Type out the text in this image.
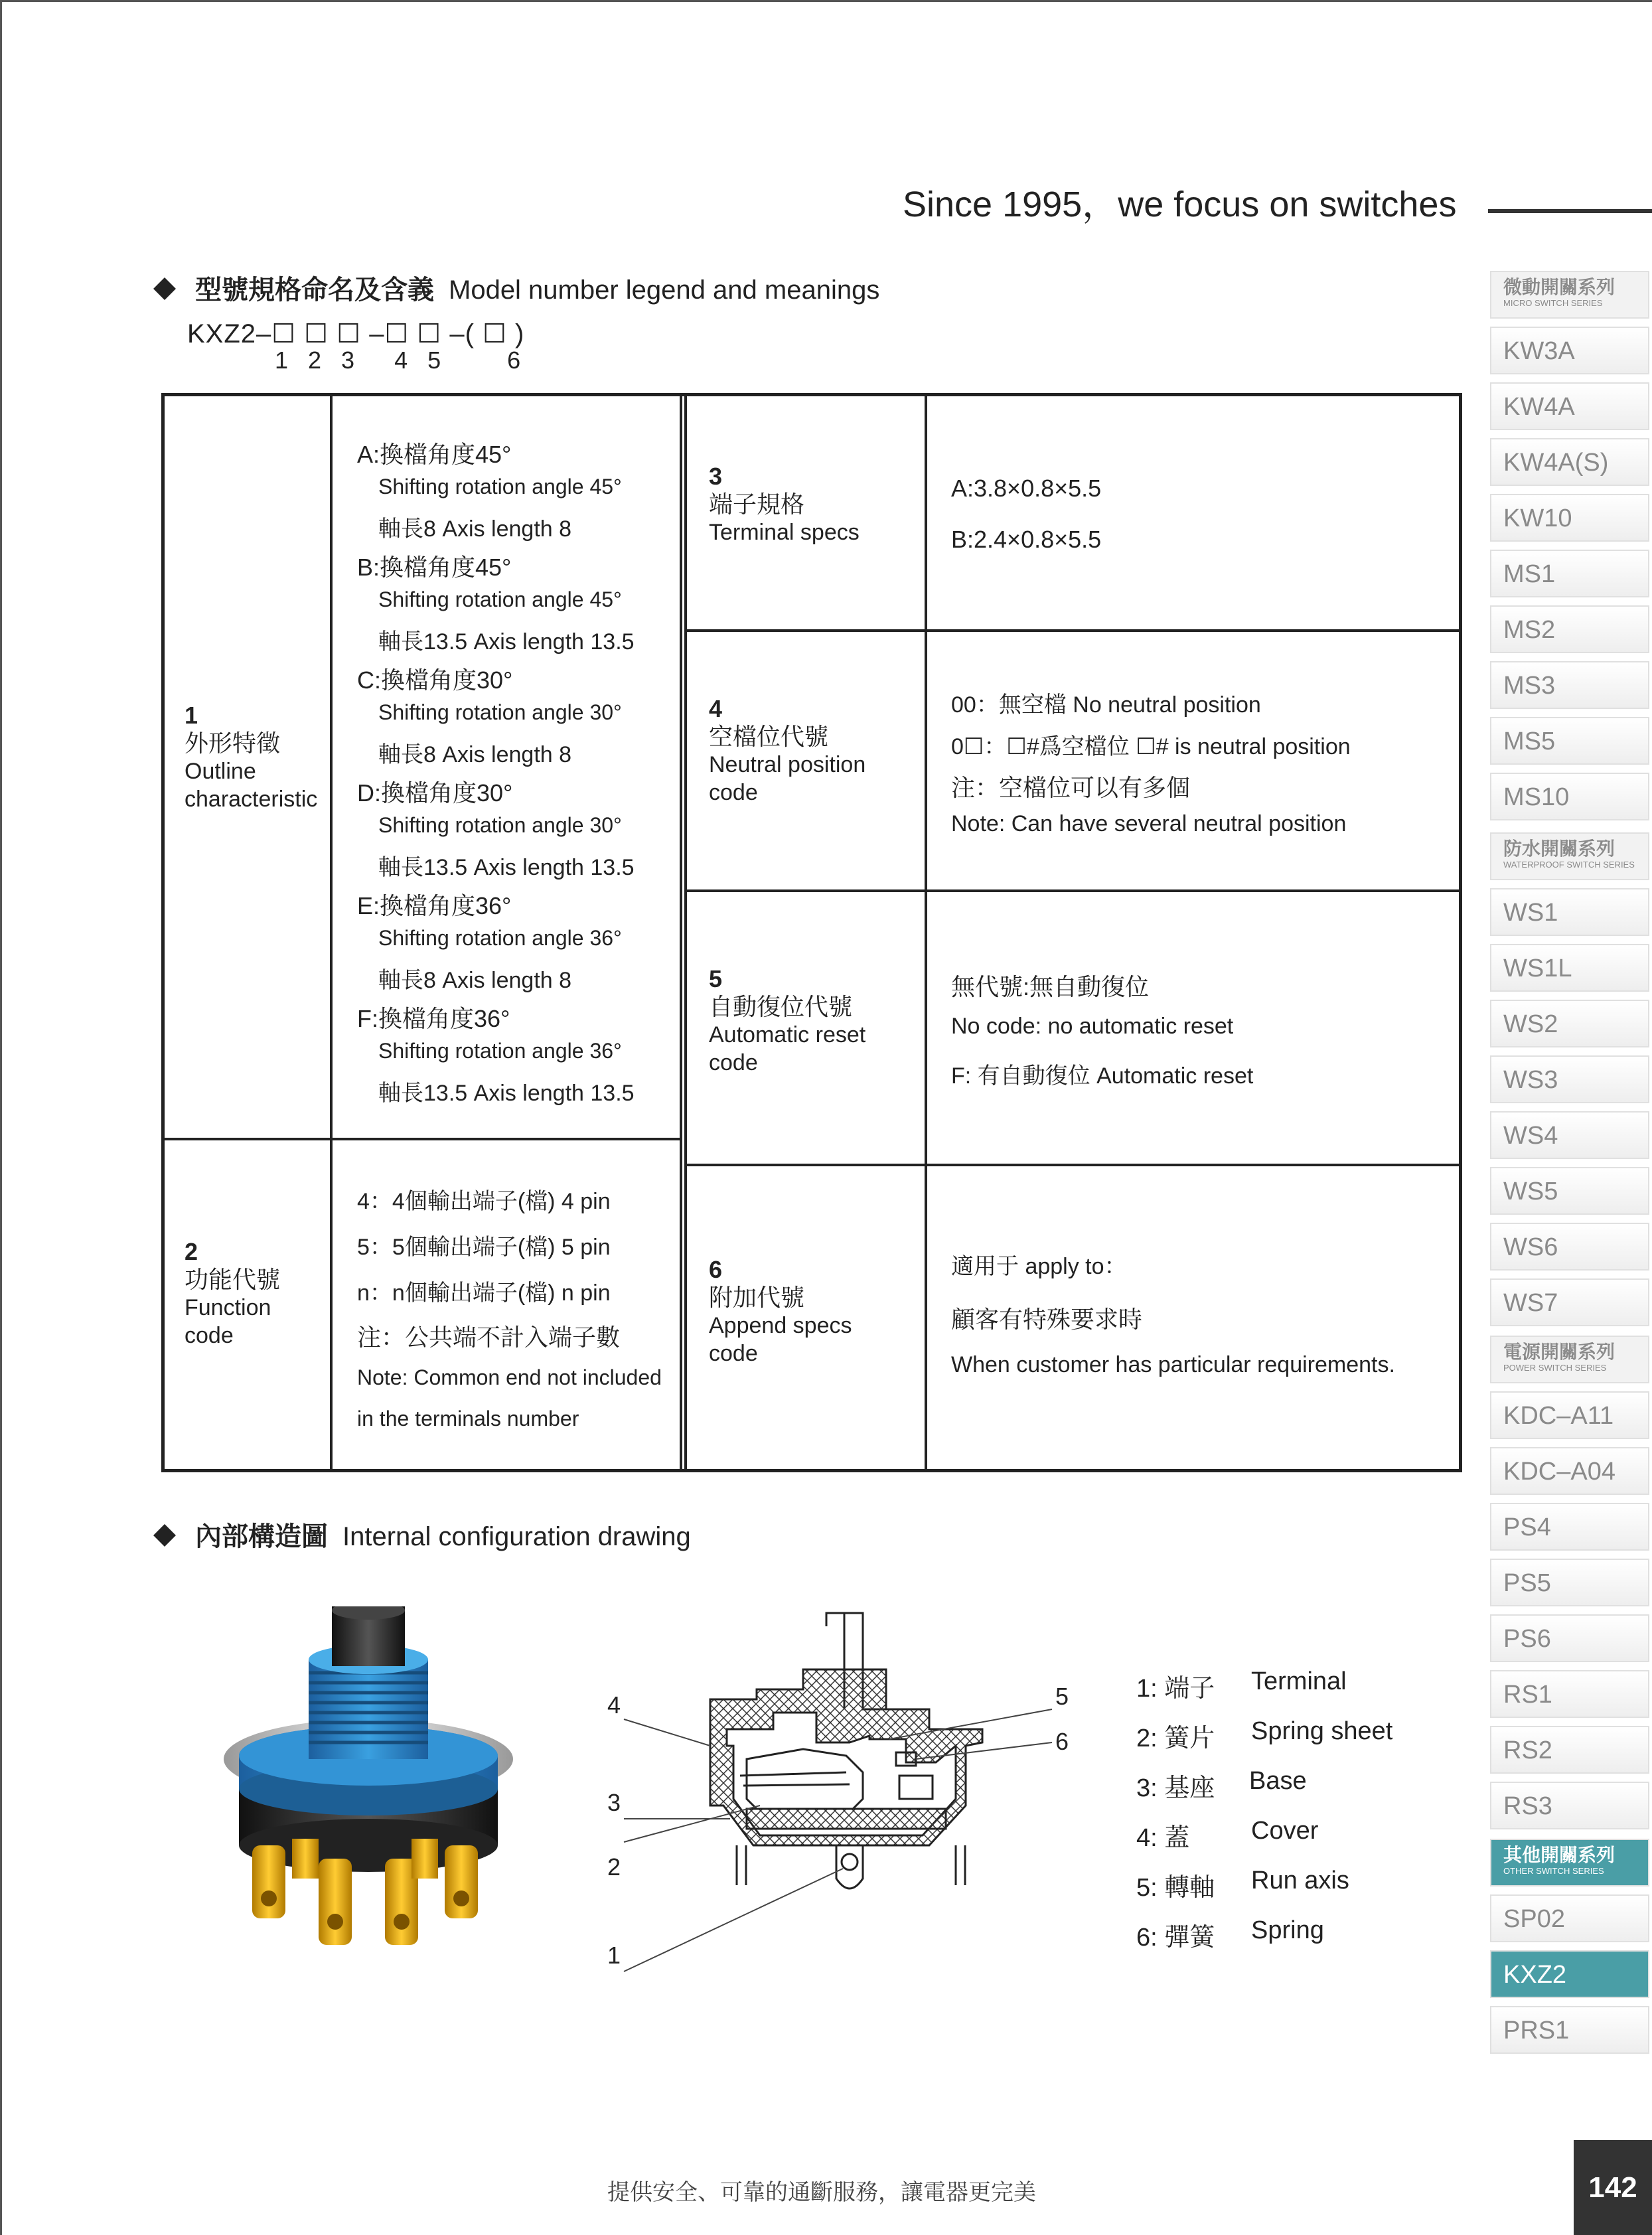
Since 1995，we focus on switches
型號規格命名及含義 Model number legend and meanings
KXZ2–☐ ☐ ☐ –☐ ☐ –( ☐ )
1   2   3      4   5          6
1
外形特徵
Outline
characteristic
A:換檔角度45°
Shifting rotation angle 45°
軸長8 Axis length 8
B:換檔角度45°
Shifting rotation angle 45°
軸長13.5 Axis length 13.5
C:換檔角度30°
Shifting rotation angle 30°
軸長8 Axis length 8
D:換檔角度30°
Shifting rotation angle 30°
軸長13.5 Axis length 13.5
E:換檔角度36°
Shifting rotation angle 36°
軸長8 Axis length 8
F:換檔角度36°
Shifting rotation angle 36°
軸長13.5 Axis length 13.5
2
功能代號
Function
code
4：4個輸出端子(檔) 4 pin
5：5個輸出端子(檔) 5 pin
n：n個輸出端子(檔) n pin
注：公共端不計入端子數
Note: Common end not included
in the terminals number
3
端子規格
Terminal specs
A:3.8×0.8×5.5
B:2.4×0.8×5.5
4
空檔位代號
Neutral position
code
00：無空檔 No neutral position
0☐：☐#爲空檔位 ☐# is neutral position
注：空檔位可以有多個
Note: Can have several neutral position
5
自動復位代號
Automatic reset
code
無代號:無自動復位
No code: no automatic reset
F: 有自動復位 Automatic reset
6
附加代號
Append specs
code
適用于 apply to：
顧客有特殊要求時
When customer has particular requirements.
內部構造圖 Internal configuration drawing
4
3
2
1
5
6
1: 端子 Terminal
2: 簧片 Spring sheet
3: 基座 Base
4: 蓋 Cover
5: 轉軸 Run axis
6: 彈簧 Spring
微動開關系列
MICRO SWITCH SERIES
KW3A
KW4A
KW4A(S)
KW10
MS1
MS2
MS3
MS5
MS10
防水開關系列
WATERPROOF SWITCH SERIES
WS1
WS1L
WS2
WS3
WS4
WS5
WS6
WS7
電源開關系列
POWER SWITCH SERIES
KDC–A11
KDC–A04
PS4
PS5
PS6
RS1
RS2
RS3
其他開關系列
OTHER SWITCH SERIES
SP02
KXZ2
PRS1
提供安全、可靠的通斷服務，讓電器更完美	142
